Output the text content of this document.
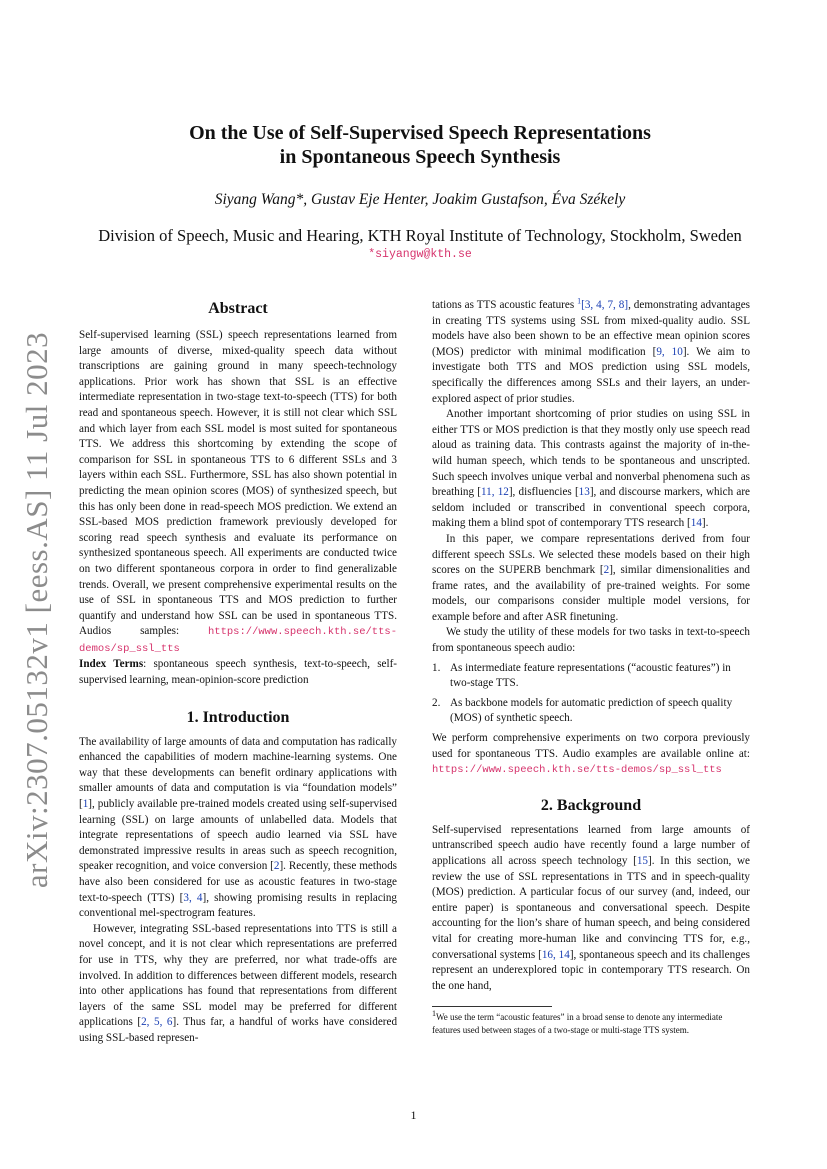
arXiv:2307.05132v1 [eess.AS] 11 Jul 2023
On the Use of Self-Supervised Speech Representations
in Spontaneous Speech Synthesis
Siyang Wang*, Gustav Eje Henter, Joakim Gustafson, Éva Székely
Division of Speech, Music and Hearing, KTH Royal Institute of Technology, Stockholm, Sweden
*siyangw@kth.se
Abstract

Self-supervised learning (SSL) speech representations learned from large amounts of diverse, mixed-quality speech data without transcriptions are gaining ground in many speech-technology applications. Prior work has shown that SSL is an effective intermediate representation in two-stage text-to-speech (TTS) for both read and spontaneous speech. However, it is still not clear which SSL and which layer from each SSL model is most suited for spontaneous TTS. We address this shortcoming by extending the scope of comparison for SSL in spontaneous TTS to 6 different SSLs and 3 layers within each SSL. Furthermore, SSL has also shown potential in predicting the mean opinion scores (MOS) of synthesized speech, but this has only been done in read-speech MOS prediction. We extend an SSL-based MOS prediction framework previously developed for scoring read speech synthesis and evaluate its performance on synthesized spontaneous speech. All experiments are conducted twice on two different spontaneous corpora in order to find generalizable trends. Overall, we present comprehensive experimental results on the use of SSL in spontaneous TTS and MOS prediction to further quantify and understand how SSL can be used in spontaneous TTS. Audios samples: https://www.speech.kth.se/tts-demos/sp_ssl_tts

Index Terms: spontaneous speech synthesis, text-to-speech, self-supervised learning, mean-opinion-score prediction

1. Introduction

The availability of large amounts of data and computation has radically enhanced the capabilities of modern machine-learning systems. One way that these developments can benefit ordinary applications with smaller amounts of data and computation is via “foundation models” [1], publicly available pre-trained models created using self-supervised learning (SSL) on large amounts of unlabelled data. Models that integrate representations of speech audio learned via SSL have demonstrated impressive results in areas such as speech recognition, speaker recognition, and voice conversion [2]. Recently, these methods have also been considered for use as acoustic features in two-stage text-to-speech (TTS) [3, 4], showing promising results in replacing conventional mel-spectrogram features.

However, integrating SSL-based representations into TTS is still a novel concept, and it is not clear which representations are preferred for use in TTS, why they are preferred, nor what trade-offs are involved. In addition to differences between different models, research into other applications has found that representations from different layers of the same SSL model may be preferred for different applications [2, 5, 6]. Thus far, a handful of works have considered using SSL-based represen-

tations as TTS acoustic features $^1$[3, 4, 7, 8], demonstrating advantages in creating TTS systems using SSL from mixed-quality audio. SSL models have also been shown to be an effective mean opinion scores (MOS) predictor with minimal modification [9, 10]. We aim to investigate both TTS and MOS prediction using SSL models, specifically the differences among SSLs and their layers, an under-explored aspect of prior studies.

Another important shortcoming of prior studies on using SSL in either TTS or MOS prediction is that they mostly only use speech read aloud as training data. This contrasts against the majority of in-the-wild human speech, which tends to be spontaneous and unscripted. Such speech involves unique verbal and nonverbal phenomena such as breathing [11, 12], disfluencies [13], and discourse markers, which are seldom included or transcribed in conventional speech corpora, making them a blind spot of contemporary TTS research [14].

In this paper, we compare representations derived from four different speech SSLs. We selected these models based on their high scores on the SUPERB benchmark [2], similar dimensionalities and frame rates, and the availability of pre-trained weights. For some models, our comparisons consider multiple model versions, for example before and after ASR finetuning.

We study the utility of these models for two tasks in text-to-speech from spontaneous speech audio:

1. As intermediate feature representations (“acoustic features”) in two-stage TTS.
2. As backbone models for automatic prediction of speech quality (MOS) of synthetic speech.

We perform comprehensive experiments on two corpora previously used for spontaneous TTS. Audio examples are available online at: https://www.speech.kth.se/tts-demos/sp_ssl_tts

2. Background

Self-supervised representations learned from large amounts of untranscribed speech audio have recently found a large number of applications all across speech technology [15]. In this section, we review the use of SSL representations in TTS and in speech-quality (MOS) prediction. A particular focus of our survey (and, indeed, our entire paper) is spontaneous and conversational speech. Despite accounting for the lion’s share of human speech, and being considered vital for creating more-human like and convincing TTS for, e.g., conversational systems [16, 14], spontaneous speech and its challenges represent an underexplored topic in contemporary TTS research. On the one hand,

1We use the term “acoustic features” in a broad sense to denote any intermediate features used between stages of a two-stage or multi-stage TTS system.
1
